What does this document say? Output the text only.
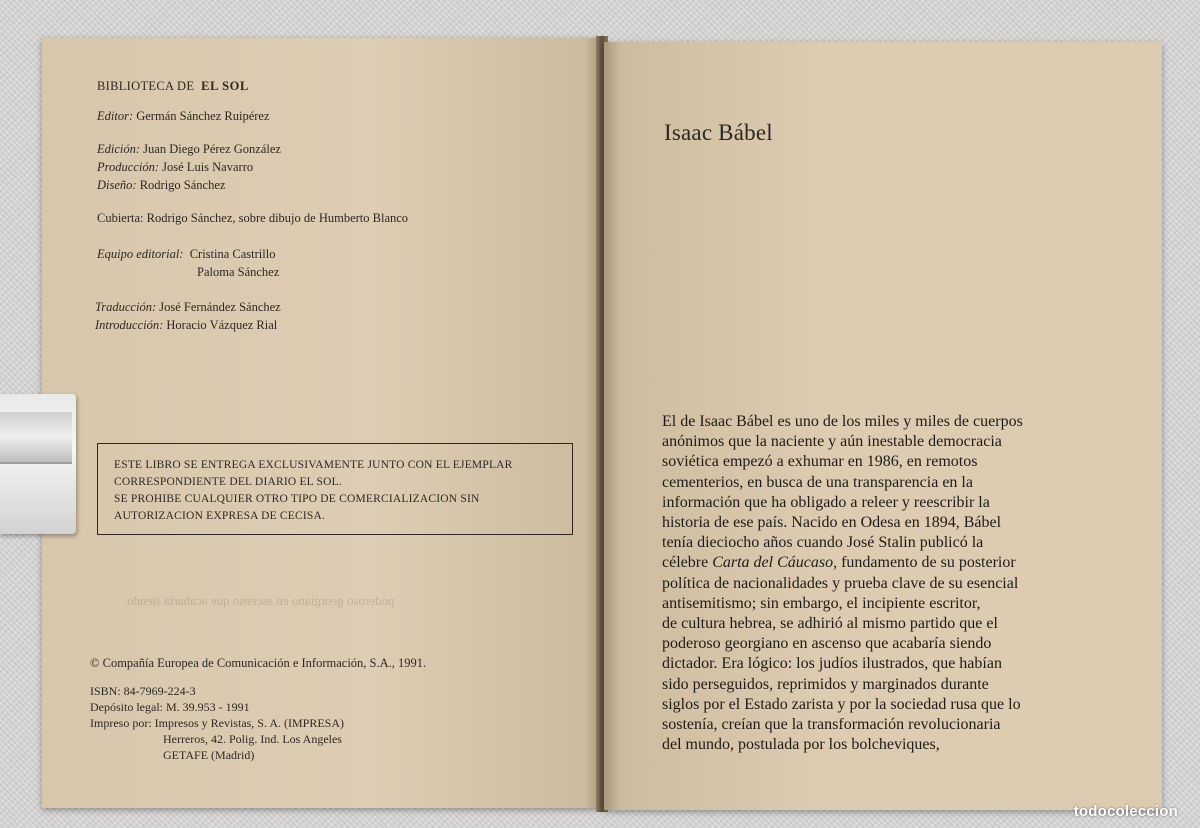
BIBLIOTECA DE EL SOL
Editor: Germán Sánchez Ruipérez
Edición: Juan Diego Pérez González
Producción: José Luis Navarro
Diseño: Rodrigo Sánchez
Cubierta: Rodrigo Sánchez, sobre dibujo de Humberto Blanco
Equipo editorial: Cristina Castrillo
Paloma Sánchez
Traducción: José Fernández Sánchez
Introducción: Horacio Vázquez Rial
ESTE LIBRO SE ENTREGA EXCLUSIVAMENTE JUNTO CON EL EJEMPLAR
CORRESPONDIENTE DEL DIARIO EL SOL.
SE PROHIBE CUALQUIER OTRO TIPO DE COMERCIALIZACION SIN
AUTORIZACION EXPRESA DE CECISA.
poderoso georgiano en ascenso que acabaría siendo
© Compañía Europea de Comunicación e Información, S.A., 1991.
ISBN: 84-7969-224-3
Depósito legal: M. 39.953 - 1991
Impreso por: Impresos y Revistas, S. A. (IMPRESA)
Herreros, 42. Polig. Ind. Los Angeles
GETAFE (Madrid)
Isaac Bábel
El de Isaac Bábel es uno de los miles y miles de cuerpos
anónimos que la naciente y aún inestable democracia
soviética empezó a exhumar en 1986, en remotos
cementerios, en busca de una transparencia en la
información que ha obligado a releer y reescribir la
historia de ese país. Nacido en Odesa en 1894, Bábel
tenía dieciocho años cuando José Stalin publicó la
célebre Carta del Cáucaso, fundamento de su posterior
política de nacionalidades y prueba clave de su esencial
antisemitismo; sin embargo, el incipiente escritor,
de cultura hebrea, se adhirió al mismo partido que el
poderoso georgiano en ascenso que acabaría siendo
dictador. Era lógico: los judíos ilustrados, que habían
sido perseguidos, reprimidos y marginados durante
siglos por el Estado zarista y por la sociedad rusa que lo
sostenía, creían que la transformación revolucionaria
del mundo, postulada por los bolcheviques,
todocoleccion
